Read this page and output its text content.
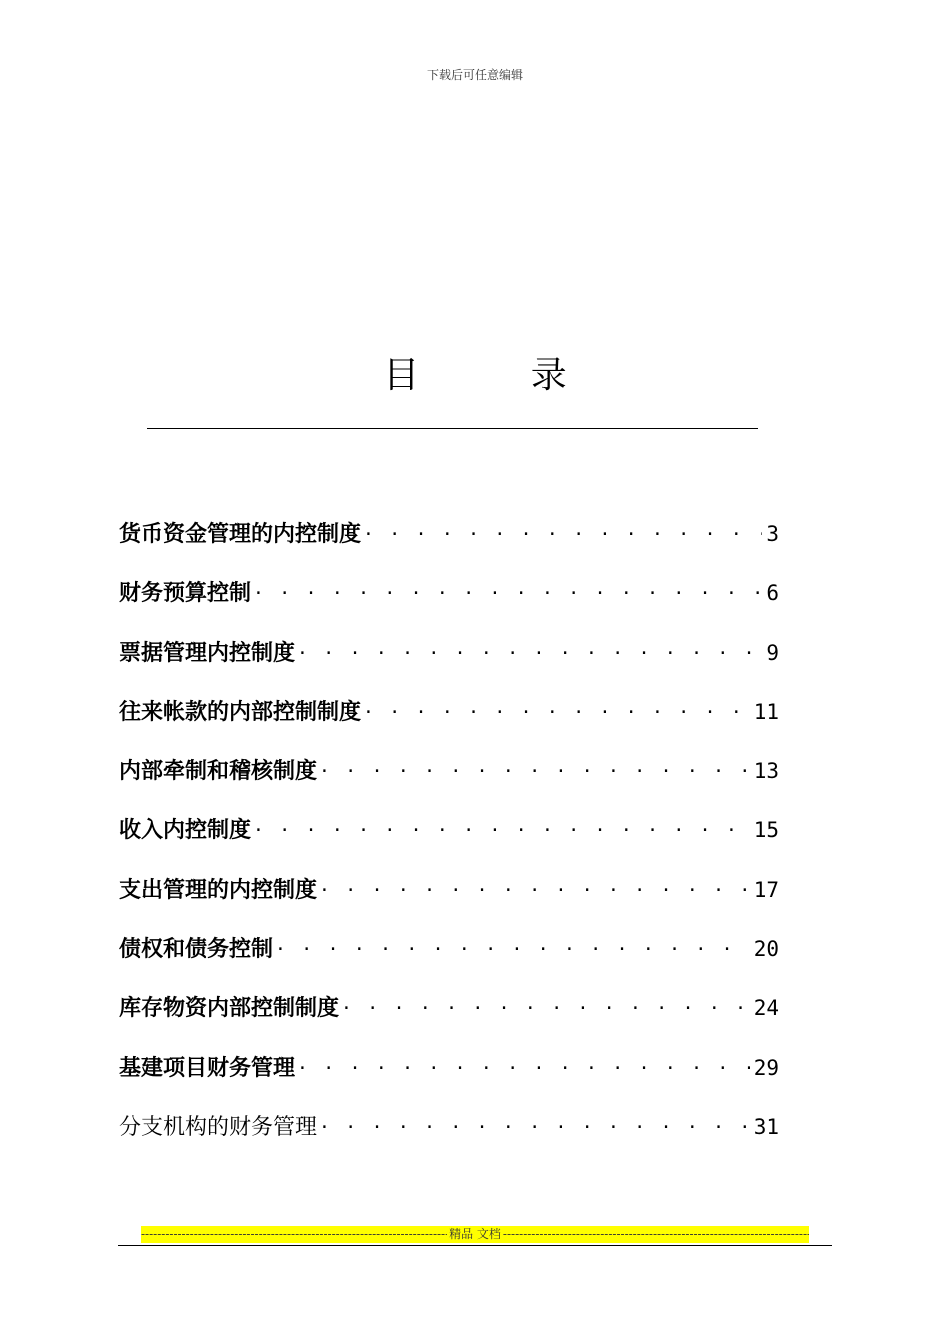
下载后可任意编辑
目 录
货币资金管理的内控制度 . . .	3
财务预算控制 . . .	6
票据管理内控制度 . . .	9
往来帐款的内部控制制度 . . .	11
内部牵制和稽核制度 . . .	13
收入内控制度 . . .	15
支出管理的内控制度 . . .	17
债权和债务控制 . . .	20
库存物资内部控制制度 . . .	24
基建项目财务管理 . . .	29
分支机构的财务管理 . . .	31
-----
精品 文档
-----
